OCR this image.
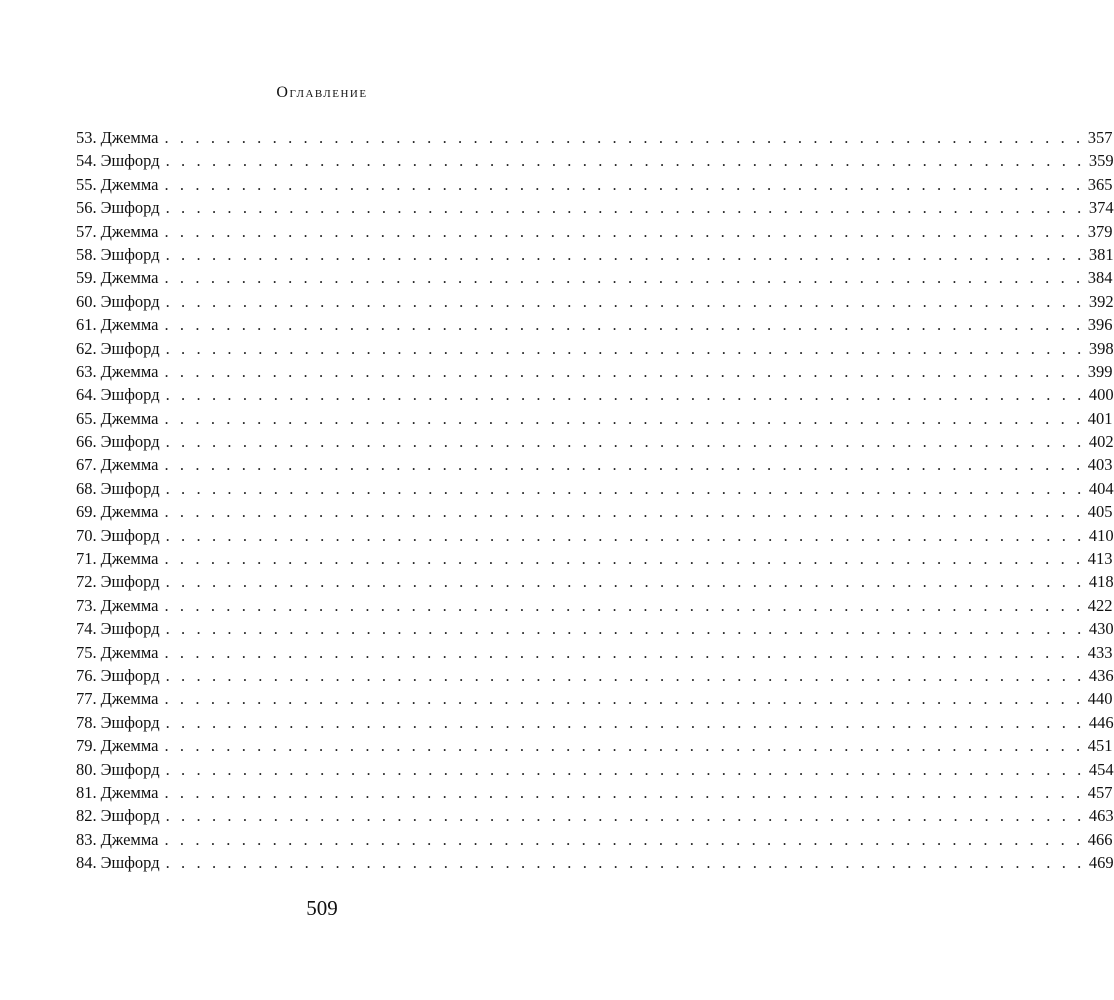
Оглавление
53. Джемма . . . . . . . . . . . . . . . . . . . . . . . . . . . . . . . . . . . . . . . . . . . . . . . . . . . . . . . . . . . . 357
54. Эшфорд . . . . . . . . . . . . . . . . . . . . . . . . . . . . . . . . . . . . . . . . . . . . . . . . . . . . . . . . . . . . 359
55. Джемма . . . . . . . . . . . . . . . . . . . . . . . . . . . . . . . . . . . . . . . . . . . . . . . . . . . . . . . . . . . . 365
56. Эшфорд . . . . . . . . . . . . . . . . . . . . . . . . . . . . . . . . . . . . . . . . . . . . . . . . . . . . . . . . . . . . 374
57. Джемма . . . . . . . . . . . . . . . . . . . . . . . . . . . . . . . . . . . . . . . . . . . . . . . . . . . . . . . . . . . . 379
58. Эшфорд . . . . . . . . . . . . . . . . . . . . . . . . . . . . . . . . . . . . . . . . . . . . . . . . . . . . . . . . . . . . 381
59. Джемма . . . . . . . . . . . . . . . . . . . . . . . . . . . . . . . . . . . . . . . . . . . . . . . . . . . . . . . . . . . . 384
60. Эшфорд . . . . . . . . . . . . . . . . . . . . . . . . . . . . . . . . . . . . . . . . . . . . . . . . . . . . . . . . . . . . 392
61. Джемма . . . . . . . . . . . . . . . . . . . . . . . . . . . . . . . . . . . . . . . . . . . . . . . . . . . . . . . . . . . . 396
62. Эшфорд . . . . . . . . . . . . . . . . . . . . . . . . . . . . . . . . . . . . . . . . . . . . . . . . . . . . . . . . . . . . 398
63. Джемма . . . . . . . . . . . . . . . . . . . . . . . . . . . . . . . . . . . . . . . . . . . . . . . . . . . . . . . . . . . . 399
64. Эшфорд . . . . . . . . . . . . . . . . . . . . . . . . . . . . . . . . . . . . . . . . . . . . . . . . . . . . . . . . . . . . 400
65. Джемма . . . . . . . . . . . . . . . . . . . . . . . . . . . . . . . . . . . . . . . . . . . . . . . . . . . . . . . . . . . . 401
66. Эшфорд . . . . . . . . . . . . . . . . . . . . . . . . . . . . . . . . . . . . . . . . . . . . . . . . . . . . . . . . . . . . 402
67. Джемма . . . . . . . . . . . . . . . . . . . . . . . . . . . . . . . . . . . . . . . . . . . . . . . . . . . . . . . . . . . . 403
68. Эшфорд . . . . . . . . . . . . . . . . . . . . . . . . . . . . . . . . . . . . . . . . . . . . . . . . . . . . . . . . . . . . 404
69. Джемма . . . . . . . . . . . . . . . . . . . . . . . . . . . . . . . . . . . . . . . . . . . . . . . . . . . . . . . . . . . . 405
70. Эшфорд . . . . . . . . . . . . . . . . . . . . . . . . . . . . . . . . . . . . . . . . . . . . . . . . . . . . . . . . . . . . 410
71. Джемма . . . . . . . . . . . . . . . . . . . . . . . . . . . . . . . . . . . . . . . . . . . . . . . . . . . . . . . . . . . . 413
72. Эшфорд . . . . . . . . . . . . . . . . . . . . . . . . . . . . . . . . . . . . . . . . . . . . . . . . . . . . . . . . . . . . 418
73. Джемма . . . . . . . . . . . . . . . . . . . . . . . . . . . . . . . . . . . . . . . . . . . . . . . . . . . . . . . . . . . . 422
74. Эшфорд . . . . . . . . . . . . . . . . . . . . . . . . . . . . . . . . . . . . . . . . . . . . . . . . . . . . . . . . . . . . 430
75. Джемма . . . . . . . . . . . . . . . . . . . . . . . . . . . . . . . . . . . . . . . . . . . . . . . . . . . . . . . . . . . . 433
76. Эшфорд . . . . . . . . . . . . . . . . . . . . . . . . . . . . . . . . . . . . . . . . . . . . . . . . . . . . . . . . . . . . 436
77. Джемма . . . . . . . . . . . . . . . . . . . . . . . . . . . . . . . . . . . . . . . . . . . . . . . . . . . . . . . . . . . . 440
78. Эшфорд . . . . . . . . . . . . . . . . . . . . . . . . . . . . . . . . . . . . . . . . . . . . . . . . . . . . . . . . . . . . 446
79. Джемма . . . . . . . . . . . . . . . . . . . . . . . . . . . . . . . . . . . . . . . . . . . . . . . . . . . . . . . . . . . . 451
80. Эшфорд . . . . . . . . . . . . . . . . . . . . . . . . . . . . . . . . . . . . . . . . . . . . . . . . . . . . . . . . . . . . 454
81. Джемма . . . . . . . . . . . . . . . . . . . . . . . . . . . . . . . . . . . . . . . . . . . . . . . . . . . . . . . . . . . . 457
82. Эшфорд . . . . . . . . . . . . . . . . . . . . . . . . . . . . . . . . . . . . . . . . . . . . . . . . . . . . . . . . . . . . 463
83. Джемма . . . . . . . . . . . . . . . . . . . . . . . . . . . . . . . . . . . . . . . . . . . . . . . . . . . . . . . . . . . . 466
84. Эшфорд . . . . . . . . . . . . . . . . . . . . . . . . . . . . . . . . . . . . . . . . . . . . . . . . . . . . . . . . . . . . 469
509
